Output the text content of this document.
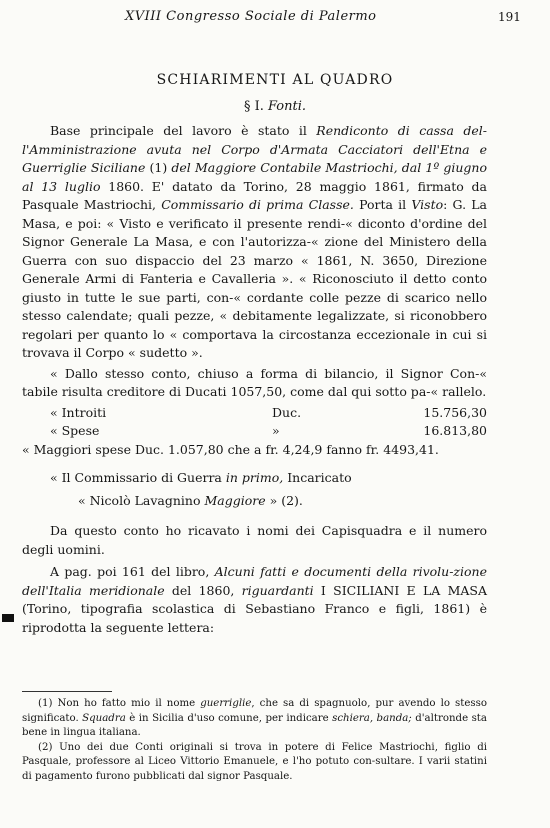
XVIII Congresso Sociale di Palermo	191
SCHIARIMENTI AL QUADRO
§ I. Fonti.

Base principale del lavoro è stato il Rendiconto di cassa del-l'Amministrazione avuta nel Corpo d'Armata Cacciatori dell'Etna e Guerriglie Siciliane (1) del Maggiore Contabile Mastriochi, dal 1º giugno al 13 luglio 1860. E' datato da Torino, 28 maggio 1861, firmato da Pasquale Mastriochi, Commissario di prima Classe. Porta il Visto: G. La Masa, e poi: « Visto e verificato il presente rendi-« diconto d'ordine del Signor Generale La Masa, e con l'autorizza-« zione del Ministero della Guerra con suo dispaccio del 23 marzo « 1861, N. 3650, Direzione Generale Armi di Fanteria e Cavalleria ». « Riconosciuto il detto conto giusto in tutte le sue parti, con-« cordante colle pezze di scarico nello stesso calendate; quali pezze, « debitamente legalizzate, si riconobbero regolari per quanto lo « comportava la circostanza eccezionale in cui si trovava il Corpo « sudetto ».

« Dallo stesso conto, chiuso a forma di bilancio, il Signor Con-« tabile risulta creditore di Ducati 1057,50, come dal qui sotto pa-« rallelo.

« Introiti	Duc.	15.756,30
« Spese	»	16.813,80

« Maggiori spese Duc. 1.057,80 che a fr. 4,24,9 fanno fr. 4493,41.

« Il Commissario di Guerra in primo, Incaricato

« Nicolò Lavagnino Maggiore » (2).

Da questo conto ho ricavato i nomi dei Capisquadra e il numero degli uomini.

A pag. poi 161 del libro, Alcuni fatti e documenti della rivolu-zione dell'Italia meridionale del 1860, riguardanti I SICILIANI E LA MASA (Torino, tipografia scolastica di Sebastiano Franco e figli, 1861) è riprodotta la seguente lettera:

(1) Non ho fatto mio il nome guerriglie, che sa di spagnuolo, pur avendo lo stesso significato. Squadra è in Sicilia d'uso comune, per indicare schiera, banda; d'altronde sta bene in lingua italiana.

(2) Uno dei due Conti originali si trova in potere di Felice Mastriochi, figlio di Pasquale, professore al Liceo Vittorio Emanuele, e l'ho potuto con-sultare. I varii statini di pagamento furono pubblicati dal signor Pasquale.
